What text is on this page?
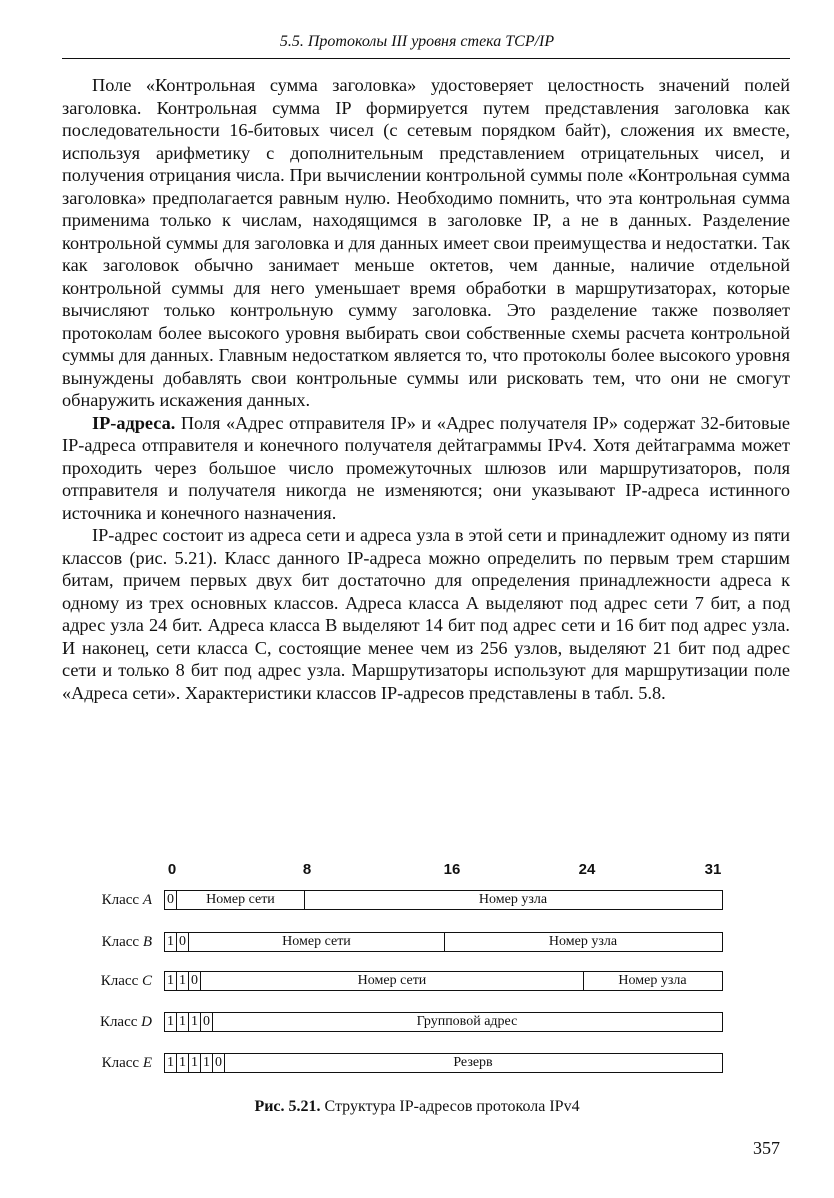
5.5. Протоколы III уровня стека TCP/IP

Поле «Контрольная сумма заголовка» удостоверяет целостность значений полей заголовка. Контрольная сумма IP формируется путем представления заголовка как последовательности 16-битовых чисел (с сетевым порядком байт), сложения их вместе, используя арифметику с дополнительным представлением отрицательных чисел, и получения отрицания числа. При вычислении контрольной суммы поле «Контрольная сумма заголовка» предполагается равным нулю. Необходимо помнить, что эта контрольная сумма применима только к числам, находящимся в заголовке IP, а не в данных. Разделение контрольной суммы для заголовка и для данных имеет свои преимущества и недостатки. Так как заголовок обычно занимает меньше октетов, чем данные, наличие отдельной контрольной суммы для него уменьшает время обработки в маршрутизаторах, которые вычисляют только контрольную сумму заголовка. Это разделение также позволяет протоколам более высокого уровня выбирать свои собственные схемы расчета контрольной суммы для данных. Главным недостатком является то, что протоколы более высокого уровня вынуждены добавлять свои контрольные суммы или рисковать тем, что они не смогут обнаружить искажения данных.

IP-адреса. Поля «Адрес отправителя IP» и «Адрес получателя IP» содержат 32-битовые IP-адреса отправителя и конечного получателя дейтаграммы IPv4. Хотя дейтаграмма может проходить через большое число промежуточных шлюзов или маршрутизаторов, поля отправителя и получателя никогда не изменяются; они указывают IP-адреса истинного источника и конечного назначения.

IP-адрес состоит из адреса сети и адреса узла в этой сети и принадлежит одному из пяти классов (рис. 5.21). Класс данного IP-адреса можно определить по первым трем старшим битам, причем первых двух бит достаточно для определения принадлежности адреса к одному из трех основных классов. Адреса класса А выделяют под адрес сети 7 бит, а под адрес узла 24 бит. Адреса класса В выделяют 14 бит под адрес сети и 16 бит под адрес узла. И наконец, сети класса С, состоящие менее чем из 256 узлов, выделяют 21 бит под адрес сети и только 8 бит под адрес узла. Маршрутизаторы используют для маршрутизации поле «Адреса сети». Характеристики классов IP-адресов представлены в табл. 5.8.

0	8	16	24	31
Класс A 0	Номер сети	Номер узла
Класс B 1 0	Номер сети	Номер узла
Класс C 1 1 0	Номер сети	Номер узла
Класс D 1 1 1 0	Групповой адрес
Класс E 1 1 1 1 0	Резерв
Рис. 5.21. Структура IP-адресов протокола IPv4
357
